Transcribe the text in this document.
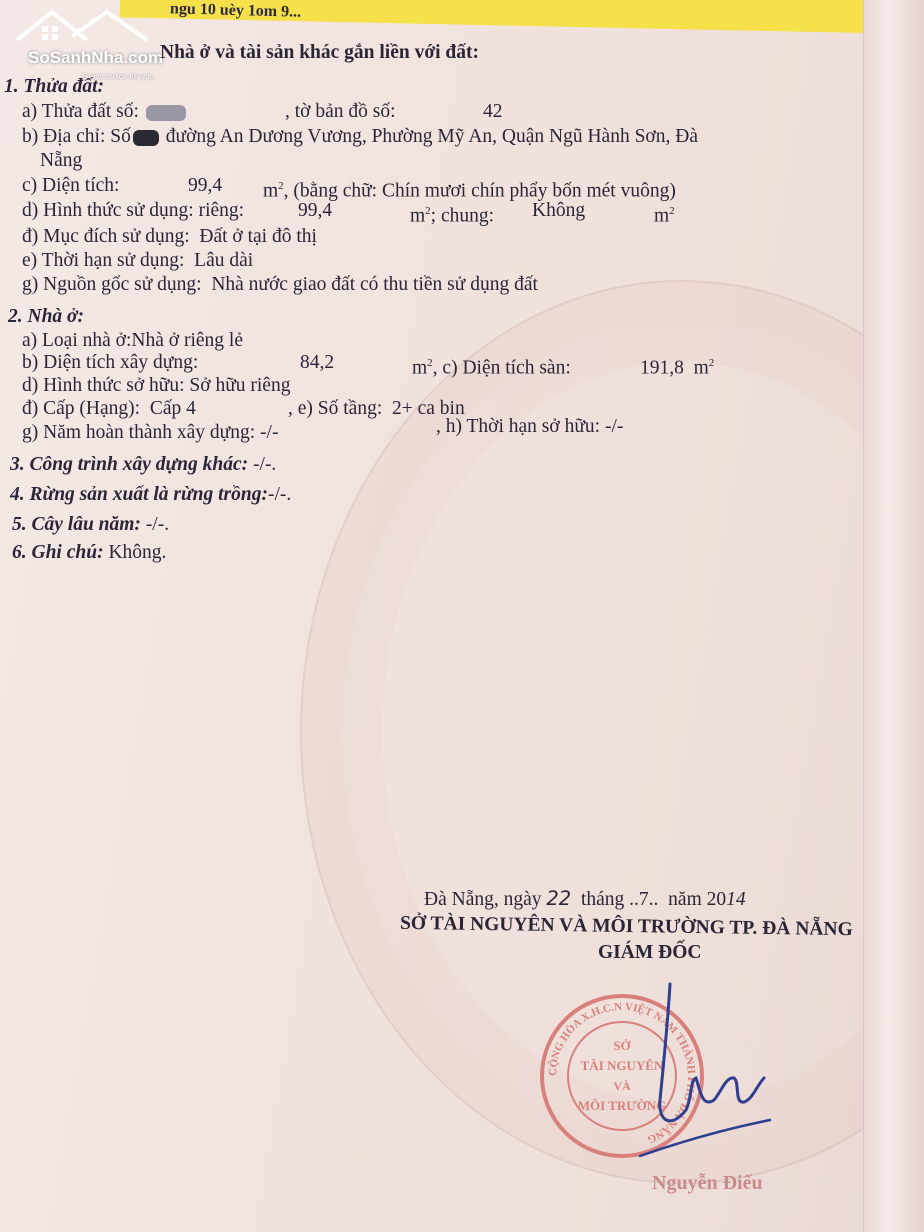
ngu 10 uèy 1om 9...
SoSanhNha.com
Great choice for you
Nhà ở và tài sản khác gắn liền với đất:
1. Thửa đất:
a) Thửa đất số:	, tờ bản đồ số:	42
b) Địa chỉ: Số đường An Dương Vương, Phường Mỹ An, Quận Ngũ Hành Sơn, Đà
Nẵng
c) Diện tích:	99,4 $m^2$, (bằng chữ: Chín mươi chín phẩy bốn mét vuông)
d) Hình thức sử dụng: riêng:	99,4	$m^2$; chung: Không	$m^2$
đ) Mục đích sử dụng: Đất ở tại đô thị
e) Thời hạn sử dụng: Lâu dài
g) Nguồn gốc sử dụng: Nhà nước giao đất có thu tiền sử dụng đất
2. Nhà ở:
a) Loại nhà ở:Nhà ở riêng lẻ
b) Diện tích xây dựng:	84,2	$m^2$, c) Diện tích sàn:	191,8 $m^2$
d) Hình thức sở hữu: Sở hữu riêng
đ) Cấp (Hạng): Cấp 4	, e) Số tầng: 2+ ca bin
g) Năm hoàn thành xây dựng: -/-	, h) Thời hạn sở hữu: -/-
3. Công trình xây dựng khác: -/-.
4. Rừng sản xuất là rừng trồng:-/-.
5. Cây lâu năm: -/-.
6. Ghi chú: Không.
Đà Nẵng, ngày 22 tháng ..7..  năm 2014
SỞ TÀI NGUYÊN VÀ MÔI TRƯỜNG TP. ĐÀ NẴNG
GIÁM ĐỐC
CỘNG HÒA X.H.C.N VIỆT NAM THÀNH PHỐ ĐÀ NẴNG
SỞ
TÀI NGUYÊN
VÀ
MÔI TRƯỜNG
Nguyễn Điểu
